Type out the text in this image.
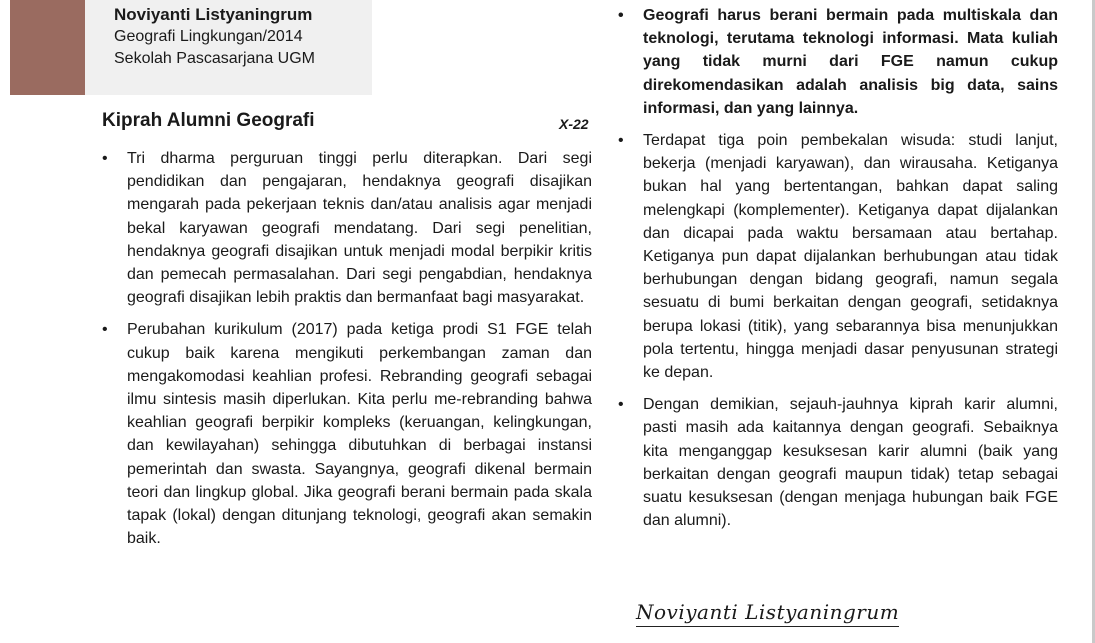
Noviyanti Listyaningrum
Geografi Lingkungan/2014
Sekolah Pascasarjana UGM
Kiprah Alumni Geografi	X-22
• Tri dharma perguruan tinggi perlu diterapkan. Dari segi pendidikan dan pengajaran, hendaknya geografi disajikan mengarah pada pekerjaan teknis dan/atau analisis agar menjadi bekal karyawan geografi mendatang. Dari segi penelitian, hendaknya geografi disajikan untuk menjadi modal berpikir kritis dan pemecah permasalahan. Dari segi pengabdian, hendaknya geografi disajikan lebih praktis dan bermanfaat bagi masyarakat.
• Perubahan kurikulum (2017) pada ketiga prodi S1 FGE telah cukup baik karena mengikuti perkembangan zaman dan mengakomodasi keahlian profesi. Rebranding geografi sebagai ilmu sintesis masih diperlukan. Kita perlu me-rebranding bahwa keahlian geografi berpikir kompleks (keruangan, kelingkungan, dan kewilayahan) sehingga dibutuhkan di berbagai instansi pemerintah dan swasta. Sayangnya, geografi dikenal bermain teori dan lingkup global. Jika geografi berani bermain pada skala tapak (lokal) dengan ditunjang teknologi, geografi akan semakin baik.
• Geografi harus berani bermain pada multiskala dan teknologi, terutama teknologi informasi. Mata kuliah yang tidak murni dari FGE namun cukup direkomendasikan adalah analisis big data, sains informasi, dan yang lainnya.
• Terdapat tiga poin pembekalan wisuda: studi lanjut, bekerja (menjadi karyawan), dan wirausaha. Ketiganya bukan hal yang bertentangan, bahkan dapat saling melengkapi (komplementer). Ketiganya dapat dijalankan dan dicapai pada waktu bersamaan atau bertahap. Ketiganya pun dapat dijalankan berhubungan atau tidak berhubungan dengan bidang geografi, namun segala sesuatu di bumi berkaitan dengan geografi, setidaknya berupa lokasi (titik), yang sebarannya bisa menunjukkan pola tertentu, hingga menjadi dasar penyusunan strategi ke depan.
• Dengan demikian, sejauh-jauhnya kiprah karir alumni, pasti masih ada kaitannya dengan geografi. Sebaiknya kita menganggap kesuksesan karir alumni (baik yang berkaitan dengan geografi maupun tidak) tetap sebagai suatu kesuksesan (dengan menjaga hubungan baik FGE dan alumni).
Noviyanti Listyaningrum
